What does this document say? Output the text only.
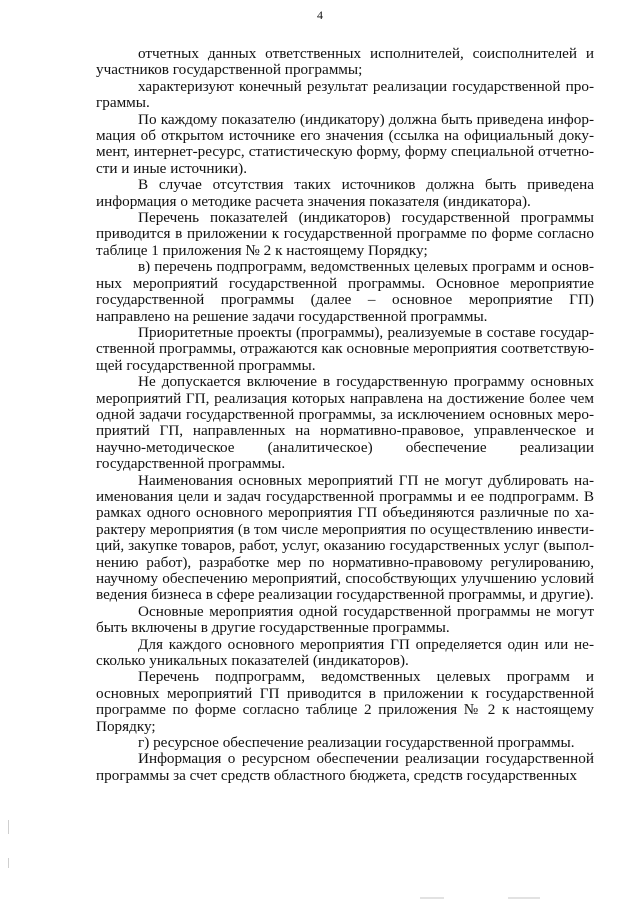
4

отчетных данных ответственных исполнителей, соисполнителей и участников государственной программы;

характеризуют конечный результат реализации государственной программы.

По каждому показателю (индикатору) должна быть приведена информация об открытом источнике его значения (ссылка на официальный документ, интернет-ресурс, статистическую форму, форму специальной отчетности и иные источники).

В случае отсутствия таких источников должна быть приведена информация о методике расчета значения показателя (индикатора).

Перечень показателей (индикаторов) государственной программы приводится в приложении к государственной программе по форме согласно таблице 1 приложения № 2 к настоящему Порядку;

в) перечень подпрограмм, ведомственных целевых программ и основных мероприятий государственной программы. Основное мероприятие государственной программы (далее – основное мероприятие ГП) направлено на решение задачи государственной программы.

Приоритетные проекты (программы), реализуемые в составе государственной программы, отражаются как основные мероприятия соответствующей государственной программы.

Не допускается включение в государственную программу основных мероприятий ГП, реализация которых направлена на достижение более чем одной задачи государственной программы, за исключением основных мероприятий ГП, направленных на нормативно-правовое, управленческое и научно-методическое (аналитическое) обеспечение реализации государственной программы.

Наименования основных мероприятий ГП не могут дублировать наименования цели и задач государственной программы и ее подпрограмм. В рамках одного основного мероприятия ГП объединяются различные по характеру мероприятия (в том числе мероприятия по осуществлению инвестиций, закупке товаров, работ, услуг, оказанию государственных услуг (выполнению работ), разработке мер по нормативно-правовому регулированию, научному обеспечению мероприятий, способствующих улучшению условий ведения бизнеса в сфере реализации государственной программы, и другие).

Основные мероприятия одной государственной программы не могут быть включены в другие государственные программы.

Для каждого основного мероприятия ГП определяется один или несколько уникальных показателей (индикаторов).

Перечень подпрограмм, ведомственных целевых программ и основных мероприятий ГП приводится в приложении к государственной программе по форме согласно таблице 2 приложения № 2 к настоящему Порядку;

г) ресурсное обеспечение реализации государственной программы.

Информация о ресурсном обеспечении реализации государственной программы за счет средств областного бюджета, средств государственных
